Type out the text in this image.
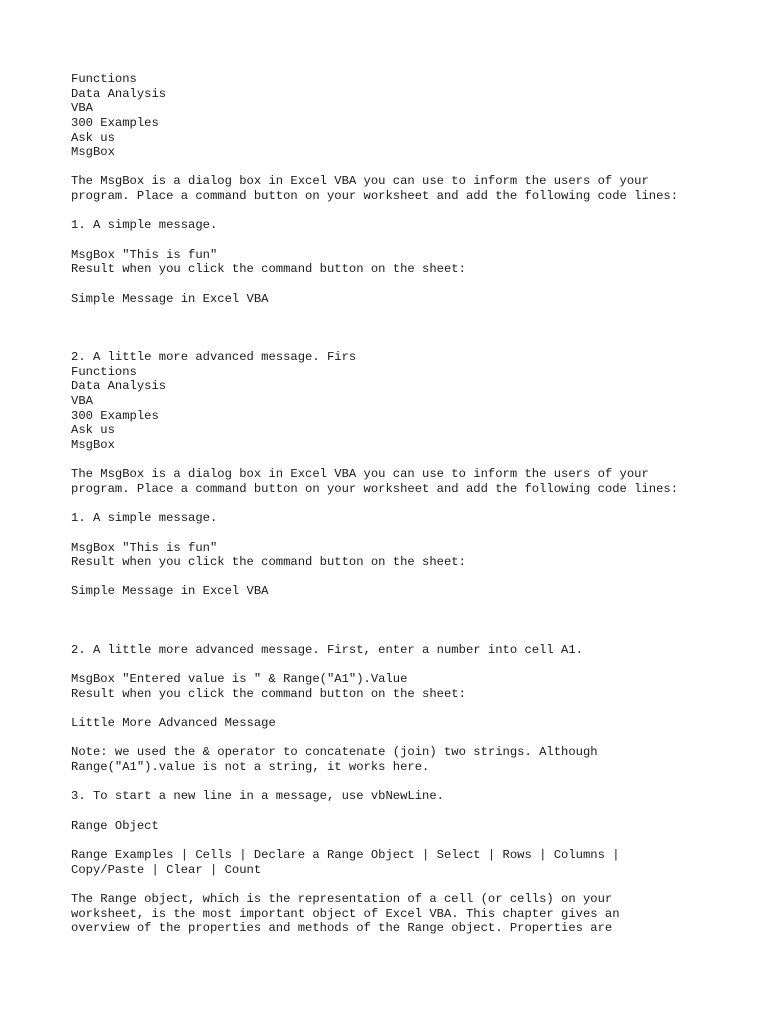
Functions
Data Analysis
VBA
300 Examples
Ask us
MsgBox
The MsgBox is a dialog box in Excel VBA you can use to inform the users of your
program. Place a command button on your worksheet and add the following code lines:
1. A simple message.
MsgBox "This is fun"
Result when you click the command button on the sheet:
Simple Message in Excel VBA
2. A little more advanced message. Firs
Functions
Data Analysis
VBA
300 Examples
Ask us
MsgBox
The MsgBox is a dialog box in Excel VBA you can use to inform the users of your
program. Place a command button on your worksheet and add the following code lines:
1. A simple message.
MsgBox "This is fun"
Result when you click the command button on the sheet:
Simple Message in Excel VBA
2. A little more advanced message. First, enter a number into cell A1.
MsgBox "Entered value is " & Range("A1").Value
Result when you click the command button on the sheet:
Little More Advanced Message
Note: we used the & operator to concatenate (join) two strings. Although
Range("A1").value is not a string, it works here.
3. To start a new line in a message, use vbNewLine.
Range Object
Range Examples | Cells | Declare a Range Object | Select | Rows | Columns |
Copy/Paste | Clear | Count
The Range object, which is the representation of a cell (or cells) on your
worksheet, is the most important object of Excel VBA. This chapter gives an
overview of the properties and methods of the Range object. Properties are
